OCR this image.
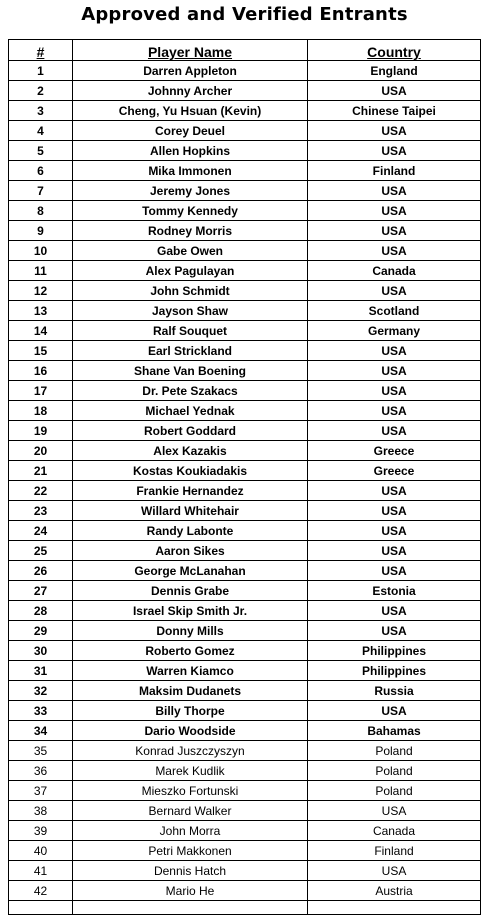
Approved and Verified Entrants
#	Player Name	Country
1	Darren Appleton	England
2	Johnny Archer	USA
3	Cheng, Yu Hsuan (Kevin)	Chinese Taipei
4	Corey Deuel	USA
5	Allen Hopkins	USA
6	Mika Immonen	Finland
7	Jeremy Jones	USA
8	Tommy Kennedy	USA
9	Rodney Morris	USA
10	Gabe Owen	USA
11	Alex Pagulayan	Canada
12	John Schmidt	USA
13	Jayson Shaw	Scotland
14	Ralf Souquet	Germany
15	Earl Strickland	USA
16	Shane Van Boening	USA
17	Dr. Pete Szakacs	USA
18	Michael Yednak	USA
19	Robert Goddard	USA
20	Alex Kazakis	Greece
21	Kostas Koukiadakis	Greece
22	Frankie Hernandez	USA
23	Willard Whitehair	USA
24	Randy Labonte	USA
25	Aaron Sikes	USA
26	George McLanahan	USA
27	Dennis Grabe	Estonia
28	Israel Skip Smith Jr.	USA
29	Donny Mills	USA
30	Roberto Gomez	Philippines
31	Warren Kiamco	Philippines
32	Maksim Dudanets	Russia
33	Billy Thorpe	USA
34	Dario Woodside	Bahamas
35	Konrad Juszczyszyn	Poland
36	Marek Kudlik	Poland
37	Mieszko Fortunski	Poland
38	Bernard Walker	USA
39	John Morra	Canada
40	Petri Makkonen	Finland
41	Dennis Hatch	USA
42	Mario He	Austria
